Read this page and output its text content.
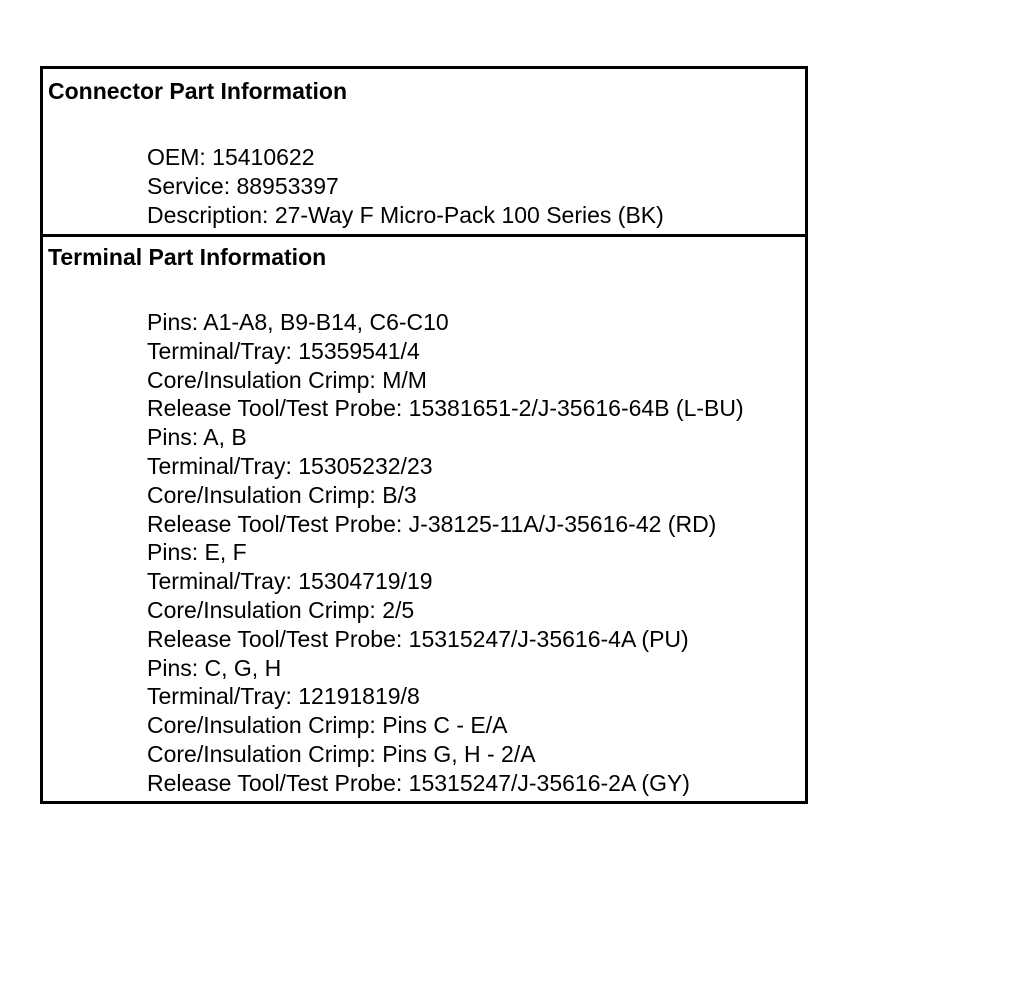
Connector Part Information
OEM: 15410622
Service: 88953397
Description: 27-Way F Micro-Pack 100 Series (BK)
Terminal Part Information
Pins: A1-A8, B9-B14, C6-C10
Terminal/Tray: 15359541/4
Core/Insulation Crimp: M/M
Release Tool/Test Probe: 15381651-2/J-35616-64B (L-BU)
Pins: A, B
Terminal/Tray: 15305232/23
Core/Insulation Crimp: B/3
Release Tool/Test Probe: J-38125-11A/J-35616-42 (RD)
Pins: E, F
Terminal/Tray: 15304719/19
Core/Insulation Crimp: 2/5
Release Tool/Test Probe: 15315247/J-35616-4A (PU)
Pins: C, G, H
Terminal/Tray: 12191819/8
Core/Insulation Crimp: Pins C - E/A
Core/Insulation Crimp: Pins G, H - 2/A
Release Tool/Test Probe: 15315247/J-35616-2A (GY)
